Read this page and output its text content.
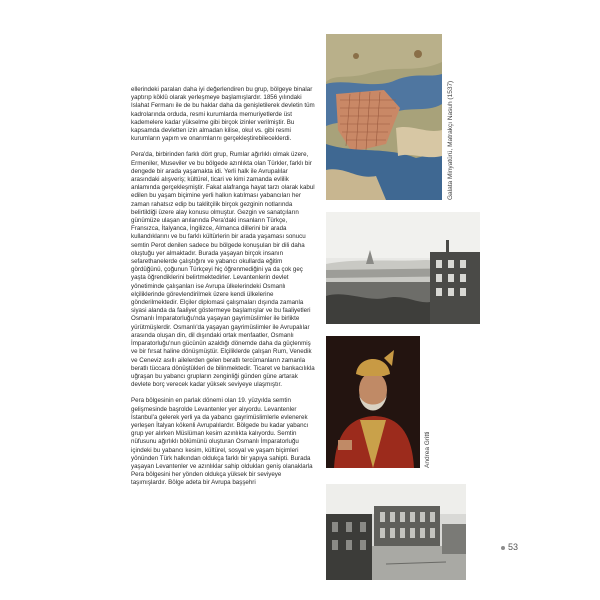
ellerindeki paraları daha iyi değerlendiren bu grup, bölgeye binalar yaptırıp köklü olarak yerleşmeye başlamışlardır. 1856 yılındaki Islahat Fermanı ile de bu haklar daha da genişletilerek devletin tüm kadrolarında orduda, resmi kurumlarda memuriyetlerde üst kademelere kadar yükselme gibi birçok izinler verilmiştir. Bu kapsamda devletten izin almadan kilise, okul vs. gibi resmi kurumların yapım ve onarımlarını gerçekleştirebileceklerdi.

Pera'da, birbirinden farklı dört grup, Rumlar ağırlıklı olmak üzere, Ermeniler, Museviler ve bu bölgede azınlıkta olan Türkler, farklı bir dengede bir arada yaşamakta idi. Yerli halk ile Avrupalılar arasındaki alışveriş; kültürel, ticari ve kimi zamanda evlilik anlamında gerçekleşmiştir. Fakat alafranga hayat tarzı olarak kabul edilen bu yaşam biçimine yerli halkın katılması yabancıları her zaman rahatsız edip bu taklitçilik birçok gezginin notlarında belirtildiği üzere alay konusu olmuştur. Gezgin ve sanatçıların günümüze ulaşan anılarında Pera'daki insanların Türkçe, Fransızca, İtalyanca, İngilizce, Almanca dillerini bir arada kullandıklarını ve bu farklı kültürlerin bir arada yaşaması sonucu semtin Perot denilen sadece bu bölgede konuşulan bir dili daha oluştuğu yer almaktadır. Burada yaşayan birçok insanın sefarethanelerde çalıştığını ve yabancı okullarda eğitim gördüğünü, çoğunun Türkçeyi hiç öğrenmediğini ya da çok geç yaşta öğrendiklerini belirtmektedirler. Levantenlerin devlet yönetiminde çalışanları ise Avrupa ülkelerindeki Osmanlı elçiliklerinde görevlendirilmek üzere kendi ülkelerine gönderilmektedir. Elçiler diplomasi çalışmaları dışında zamanla siyasi alanda da faaliyet göstermeye başlamışlar ve bu faaliyetleri Osmanlı İmparatorluğu'nda yaşayan gayrimüslimler ile birlikte yürütmüşlerdir. Osmanlı'da yaşayan gayrimüslimler ile Avrupalılar arasında oluşan din, dil dışındaki ortak menfaatler, Osmanlı İmparatorluğu'nun gücünün azaldığı dönemde daha da güçlenmiş ve bir fırsat haline dönüşmüştür. Elçiliklerde çalışan Rum, Venedik ve Ceneviz asıllı ailelerden gelen beratlı tercümanların zamanla beratlı tüccara dönüştükleri de bilinmektedir. Ticaret ve bankacılıkla uğraşan bu yabancı grupların zenginliği günden güne artarak devlete borç verecek kadar yüksek seviyeye ulaşmıştır.

Pera bölgesinin en parlak dönemi olan 19. yüzyılda semtin gelişmesinde başrolde Levantenler yer alıyordu. Levantenler İstanbul'a gelerek yerli ya da yabancı gayrimüslimlerle evlenerek yerleşen İtalyan kökenli Avrupalılardır. Bölgede bu kadar yabancı grup yer alırken Müslüman kesim azınlıkta kalıyordu. Semtin nüfusunu ağırlıklı bölümünü oluşturan Osmanlı İmparatorluğu içindeki bu yabancı kesim, kültürel, sosyal ve yaşam biçimleri yönünden Türk halkından oldukça farklı bir yapıya sahipti. Burada yaşayan Levantenler ve azınlıklar sahip oldukları geniş olanaklarla Pera bölgesini her yönden oldukça yüksek bir seviyeye taşımışlardır. Bölge adeta bir Avrupa başşehri

Galata Minyatürü, Matrakçı Nasuh (1537)
Andrea Gritti
53
